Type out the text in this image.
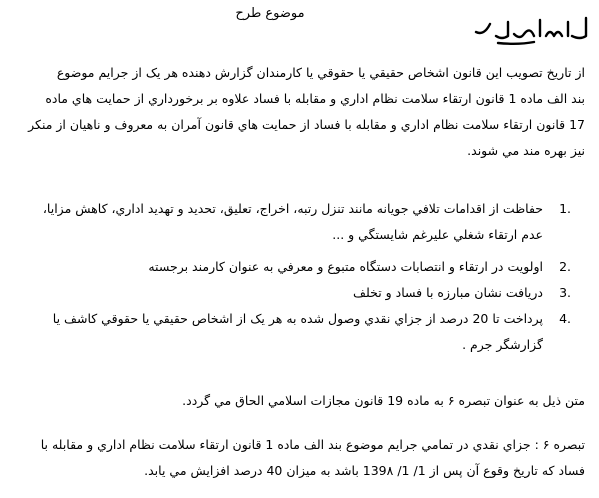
موضوع طرح
از تاريخ تصويب اين قانون اشخاص حقيقي يا حقوقي يا كارمندان گزارش دهنده هر يک از جرايم موضوع
بند الف ماده 1 قانون ارتقاء سلامت نظام اداري و مقابله با فساد علاوه بر برخورداري از حمايت هاي ماده
17 قانون ارتقاء سلامت نظام اداري و مقابله با فساد از حمايت هاي قانون آمران به معروف و ناهيان از منكر
نيز بهره مند مي شوند.
1.
حفاظت از اقدامات تلافي جويانه مانند تنزل رتبه، اخراج، تعليق، تحديد و تهديد اداري، كاهش مزايا،
عدم ارتقاء شغلي عليرغم شايستگي و ...
2.
اولويت در ارتقاء و انتصابات دستگاه متبوع و معرفي به عنوان كارمند برجسته
3.
دريافت نشان مبارزه با فساد و تخلف
4.
پرداخت تا 20 درصد از جزاي نقدي وصول شده به هر يک از اشخاص حقيقي يا حقوقي كاشف يا
گزارشگر جرم .
متن ذيل به عنوان تبصره ۶ به ماده 19 قانون مجازات اسلامي الحاق مي گردد.
تبصره ۶ : جزاي نقدي در تمامي جرايم موضوع بند الف ماده 1 قانون ارتقاء سلامت نظام اداري و مقابله با
فساد كه تاريخ وقوع آن پس از 1/ 1/ 139۸ باشد به ميزان 40 درصد افزايش مي يابد.
